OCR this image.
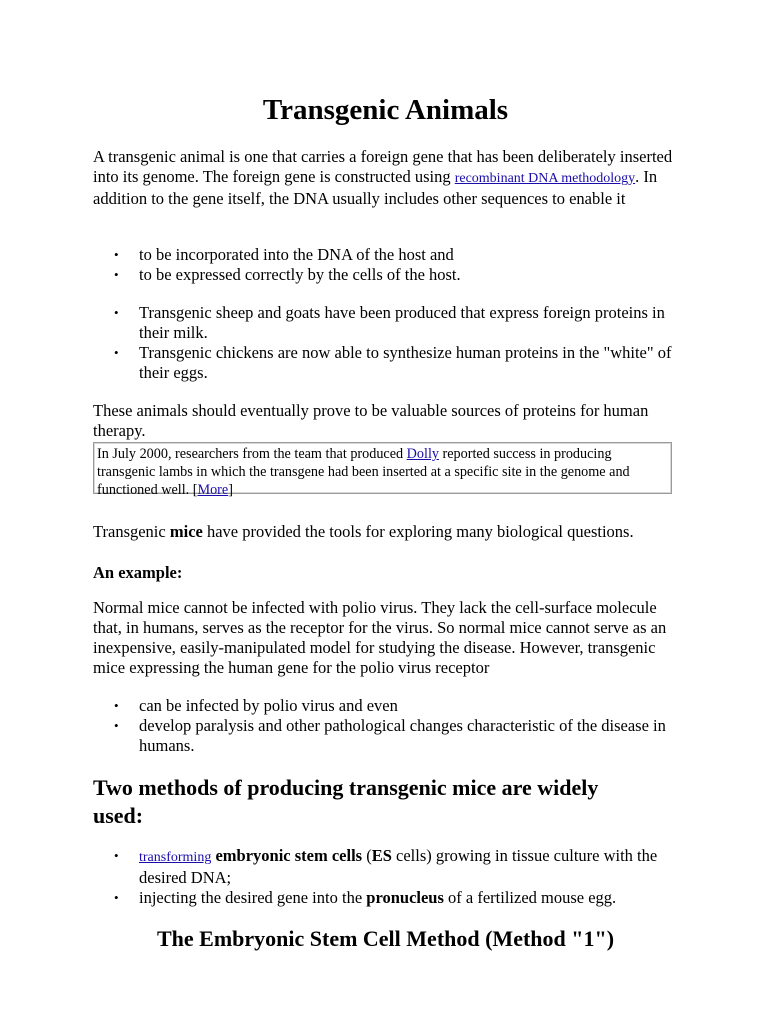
Transgenic Animals

A transgenic animal is one that carries a foreign gene that has been deliberately inserted into its genome. The foreign gene is constructed using recombinant DNA methodology. In addition to the gene itself, the DNA usually includes other sequences to enable it

• to be incorporated into the DNA of the host and
• to be expressed correctly by the cells of the host.
• Transgenic sheep and goats have been produced that express foreign proteins in their milk.
• Transgenic chickens are now able to synthesize human proteins in the "white" of their eggs.

These animals should eventually prove to be valuable sources of proteins for human therapy.

In July 2000, researchers from the team that produced Dolly reported success in producing transgenic lambs in which the transgene had been inserted at a specific site in the genome and functioned well. [More]

Transgenic mice have provided the tools for exploring many biological questions.

An example:

Normal mice cannot be infected with polio virus. They lack the cell-surface molecule that, in humans, serves as the receptor for the virus. So normal mice cannot serve as an inexpensive, easily-manipulated model for studying the disease. However, transgenic mice expressing the human gene for the polio virus receptor

• can be infected by polio virus and even
• develop paralysis and other pathological changes characteristic of the disease in humans.
Two methods of producing transgenic mice are widely used:
• transforming embryonic stem cells (ES cells) growing in tissue culture with the desired DNA;
• injecting the desired gene into the pronucleus of a fertilized mouse egg.
The Embryonic Stem Cell Method (Method "1")
